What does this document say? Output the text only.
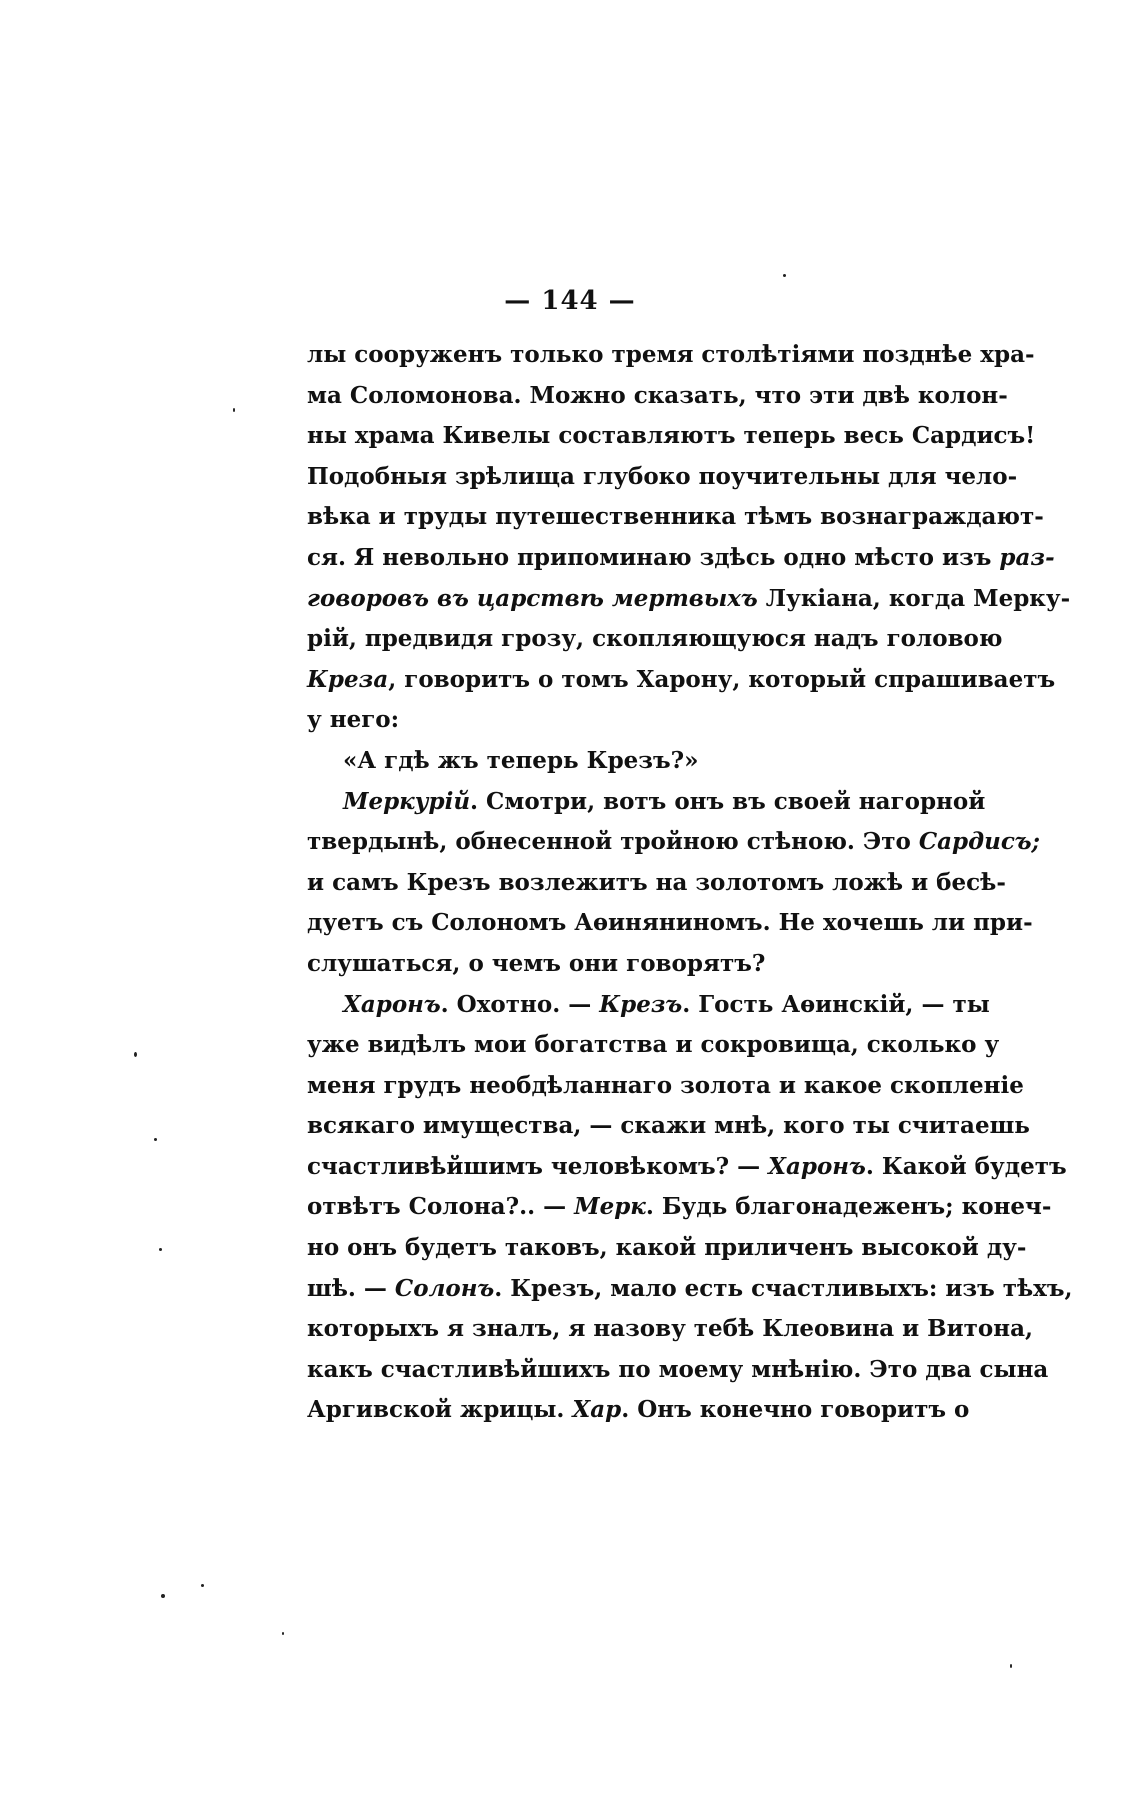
— 144 —
лы сооруженъ только тремя столѣтіями позднѣе хра-
ма Соломонова. Можно сказать, что эти двѣ колон-
ны храма Кивелы составляютъ теперь весь Сардисъ!
Подобныя зрѣлища глубоко поучительны для чело-
вѣка и труды путешественника тѣмъ вознаграждают-
ся. Я невольно припоминаю здѣсь одно мѣсто изъ раз-
говоровъ въ царствѣ мертвыхъ Лукіана, когда Мерку-
рій, предвидя грозу, скопляющуюся надъ головою
Креза, говоритъ о томъ Харону, который спрашиваетъ
у него:
«А гдѣ жъ теперь Крезъ?»
Меркурій. Смотри, вотъ онъ въ своей нагорной
твердынѣ, обнесенной тройною стѣною. Это Сардисъ;
и самъ Крезъ возлежитъ на золотомъ ложѣ и бесѣ-
дуетъ съ Солономъ Аѳиняниномъ. Не хочешь ли при-
слушаться, о чемъ они говорятъ?
Харонъ. Охотно. — Крезъ. Гость Аѳинскій, — ты
уже видѣлъ мои богатства и сокровища, сколько у
меня грудъ необдѣланнаго золота и какое скопленіе
всякаго имущества, — скажи мнѣ, кого ты считаешь
счастливѣйшимъ человѣкомъ? — Харонъ. Какой будетъ
отвѣтъ Солона?.. — Мерк. Будь благонадеженъ; конеч-
но онъ будетъ таковъ, какой приличенъ высокой ду-
шѣ. — Солонъ. Крезъ, мало есть счастливыхъ: изъ тѣхъ,
которыхъ я зналъ, я назову тебѣ Клеовина и Витона,
какъ счастливѣйшихъ по моему мнѣнію. Это два сына
Аргивской жрицы. Хар. Онъ конечно говоритъ о
